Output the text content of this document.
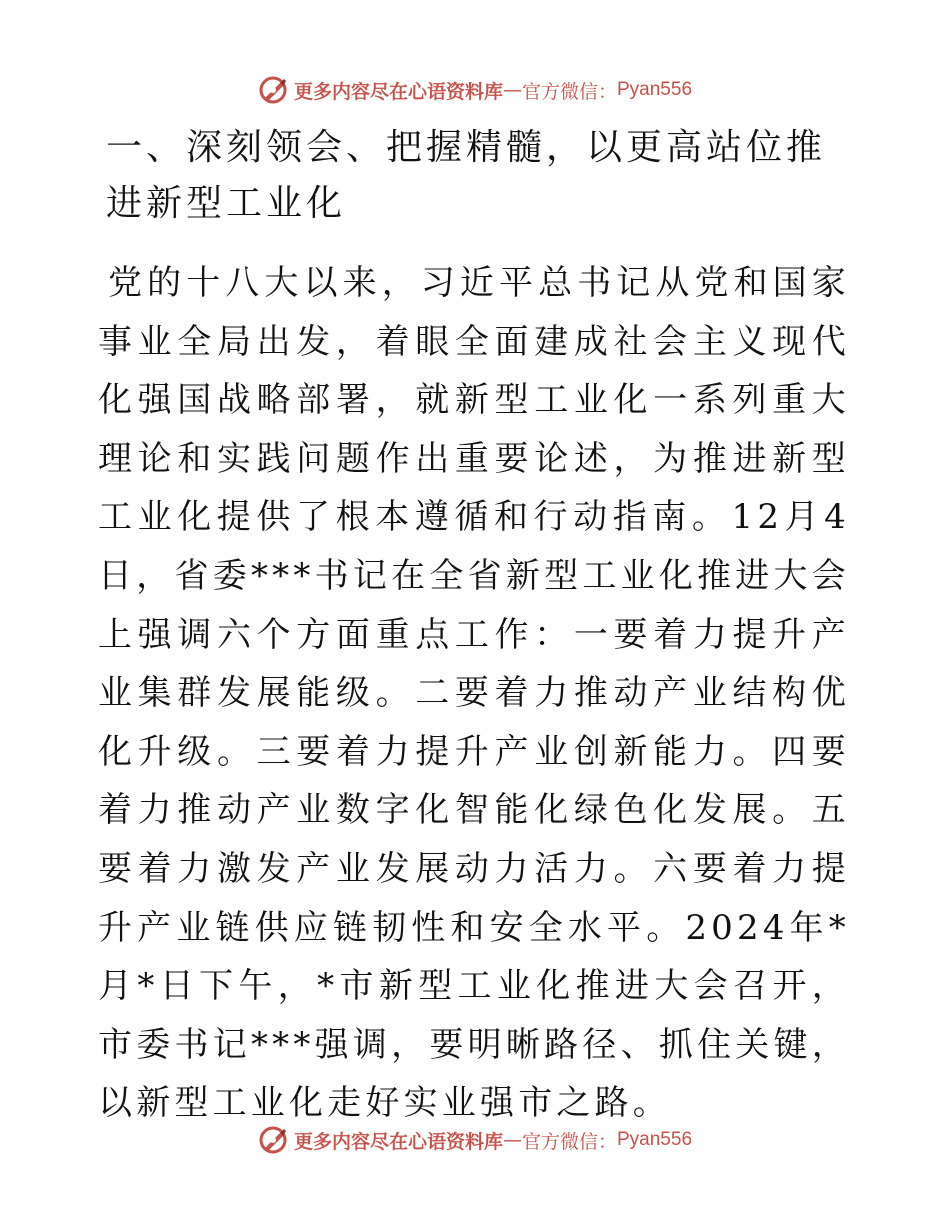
更多内容尽在心语资料库 — 官方微信： Pyan556
一、深刻领会、把握精髓，以更高站位推进新型工业化

党的十八大以来，习近平总书记从党和国家事业全局出发，着眼全面建成社会主义现代化强国战略部署，就新型工业化一系列重大理论和实践问题作出重要论述，为推进新型工业化提供了根本遵循和行动指南。12月4日，省委***书记在全省新型工业化推进大会上强调六个方面重点工作：一要着力提升产业集群发展能级。二要着力推动产业结构优化升级。三要着力提升产业创新能力。四要着力推动产业数字化智能化绿色化发展。五要着力激发产业发展动力活力。六要着力提升产业链供应链韧性和安全水平。2024年*月*日下午，*市新型工业化推进大会召开，市委书记***强调，要明晰路径、抓住关键，以新型工业化走好实业强市之路。

更多内容尽在心语资料库 — 官方微信： Pyan556
